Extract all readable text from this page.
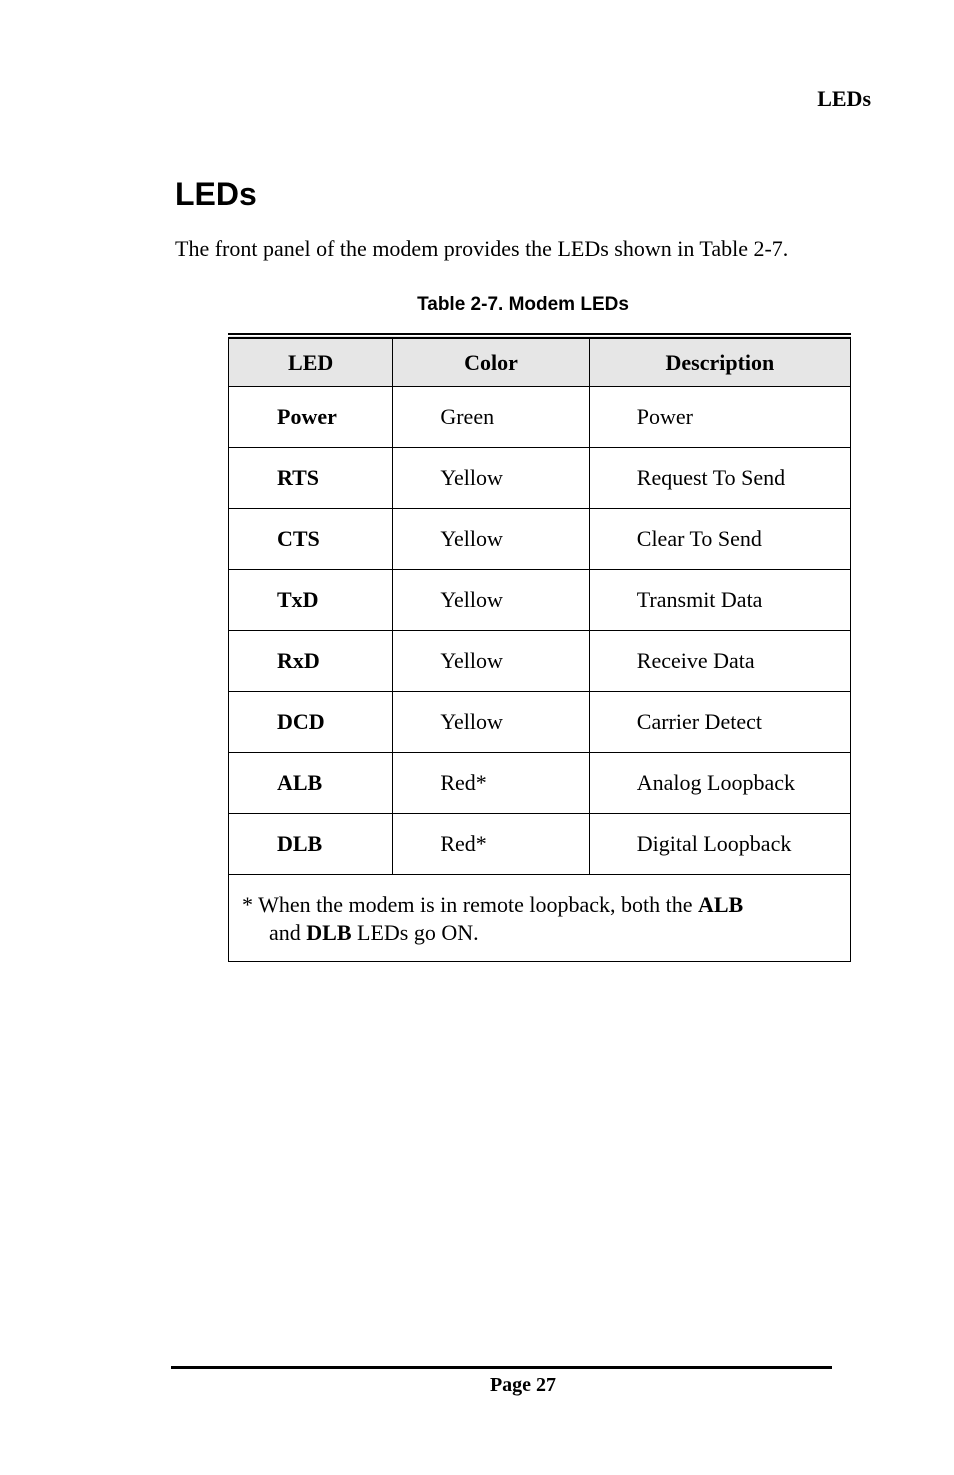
LEDs
LEDs

The front panel of the modem provides the LEDs shown in Table 2-7.

Table 2-7. Modem LEDs
LED	Color	Description
Power	Green	Power
RTS	Yellow	Request To Send
CTS	Yellow	Clear To Send
TxD	Yellow	Transmit Data
RxD	Yellow	Receive Data
DCD	Yellow	Carrier Detect
ALB	Red*	Analog Loopback
DLB	Red*	Digital Loopback
* When the modem is in remote loopback, both the ALB
and DLB LEDs go ON.		
Page 27
